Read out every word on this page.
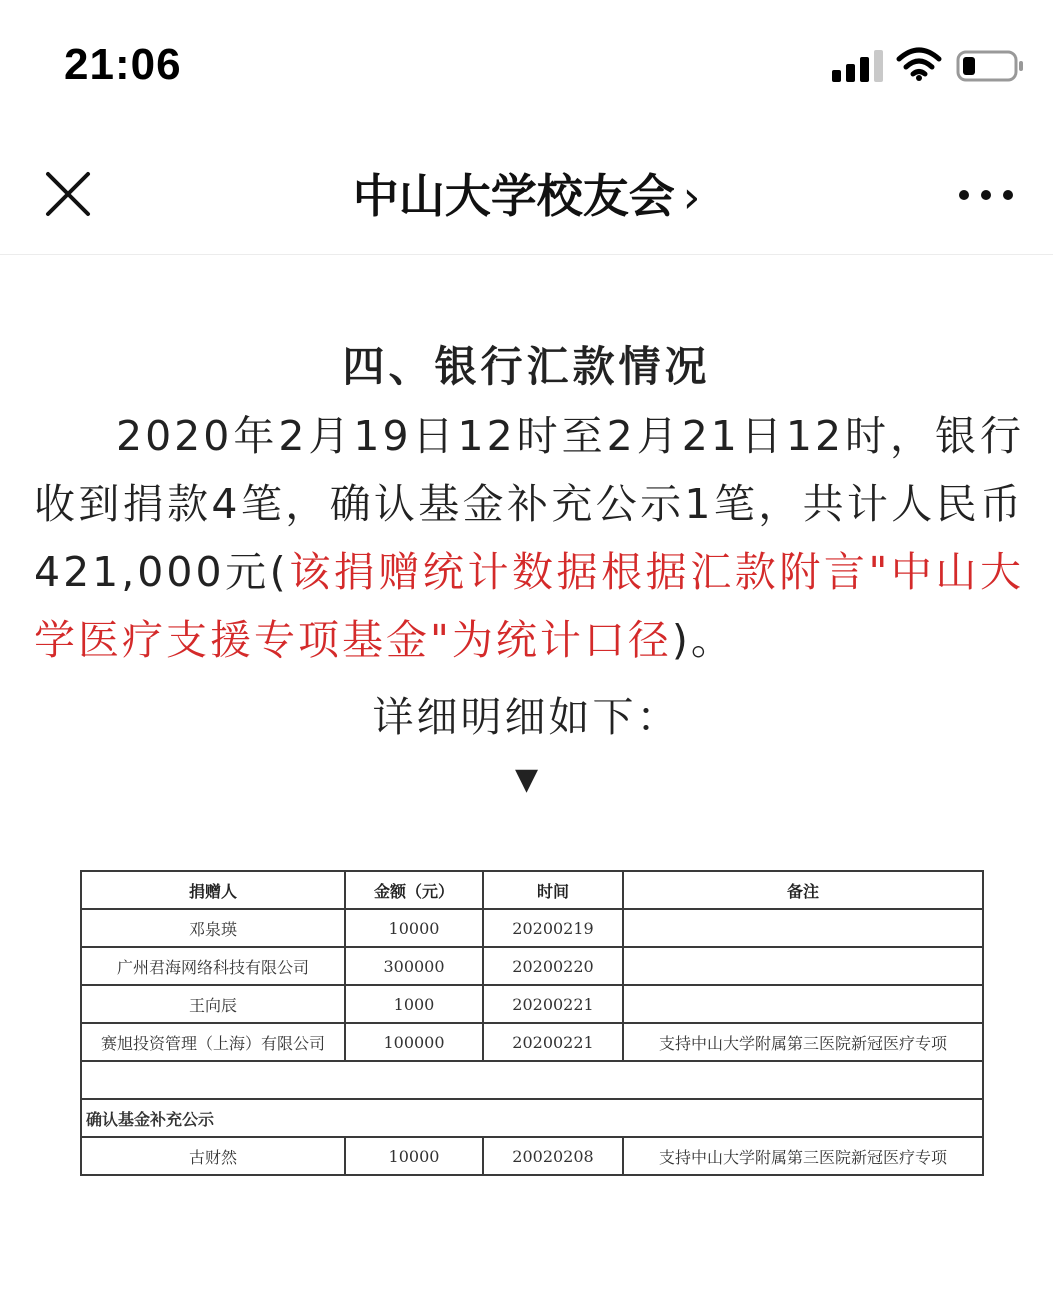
21:06
中山大学校友会 ›
四、银行汇款情况
2020年2月19日12时至2月21日12时，银行收到捐款4笔，确认基金补充公示1笔，共计人民币421,000元(该捐赠统计数据根据汇款附言"中山大学医疗支援专项基金"为统计口径)。
详细明细如下：
▼
捐赠人	金额（元）	时间	备注
邓泉瑛	10000	20200219	
广州君海网络科技有限公司	300000	20200220	
王向辰	1000	20200221	
赛旭投资管理（上海）有限公司	100000	20200221	支持中山大学附属第三医院新冠医疗专项

确认基金补充公示			
古财然	10000	20020208	支持中山大学附属第三医院新冠医疗专项
